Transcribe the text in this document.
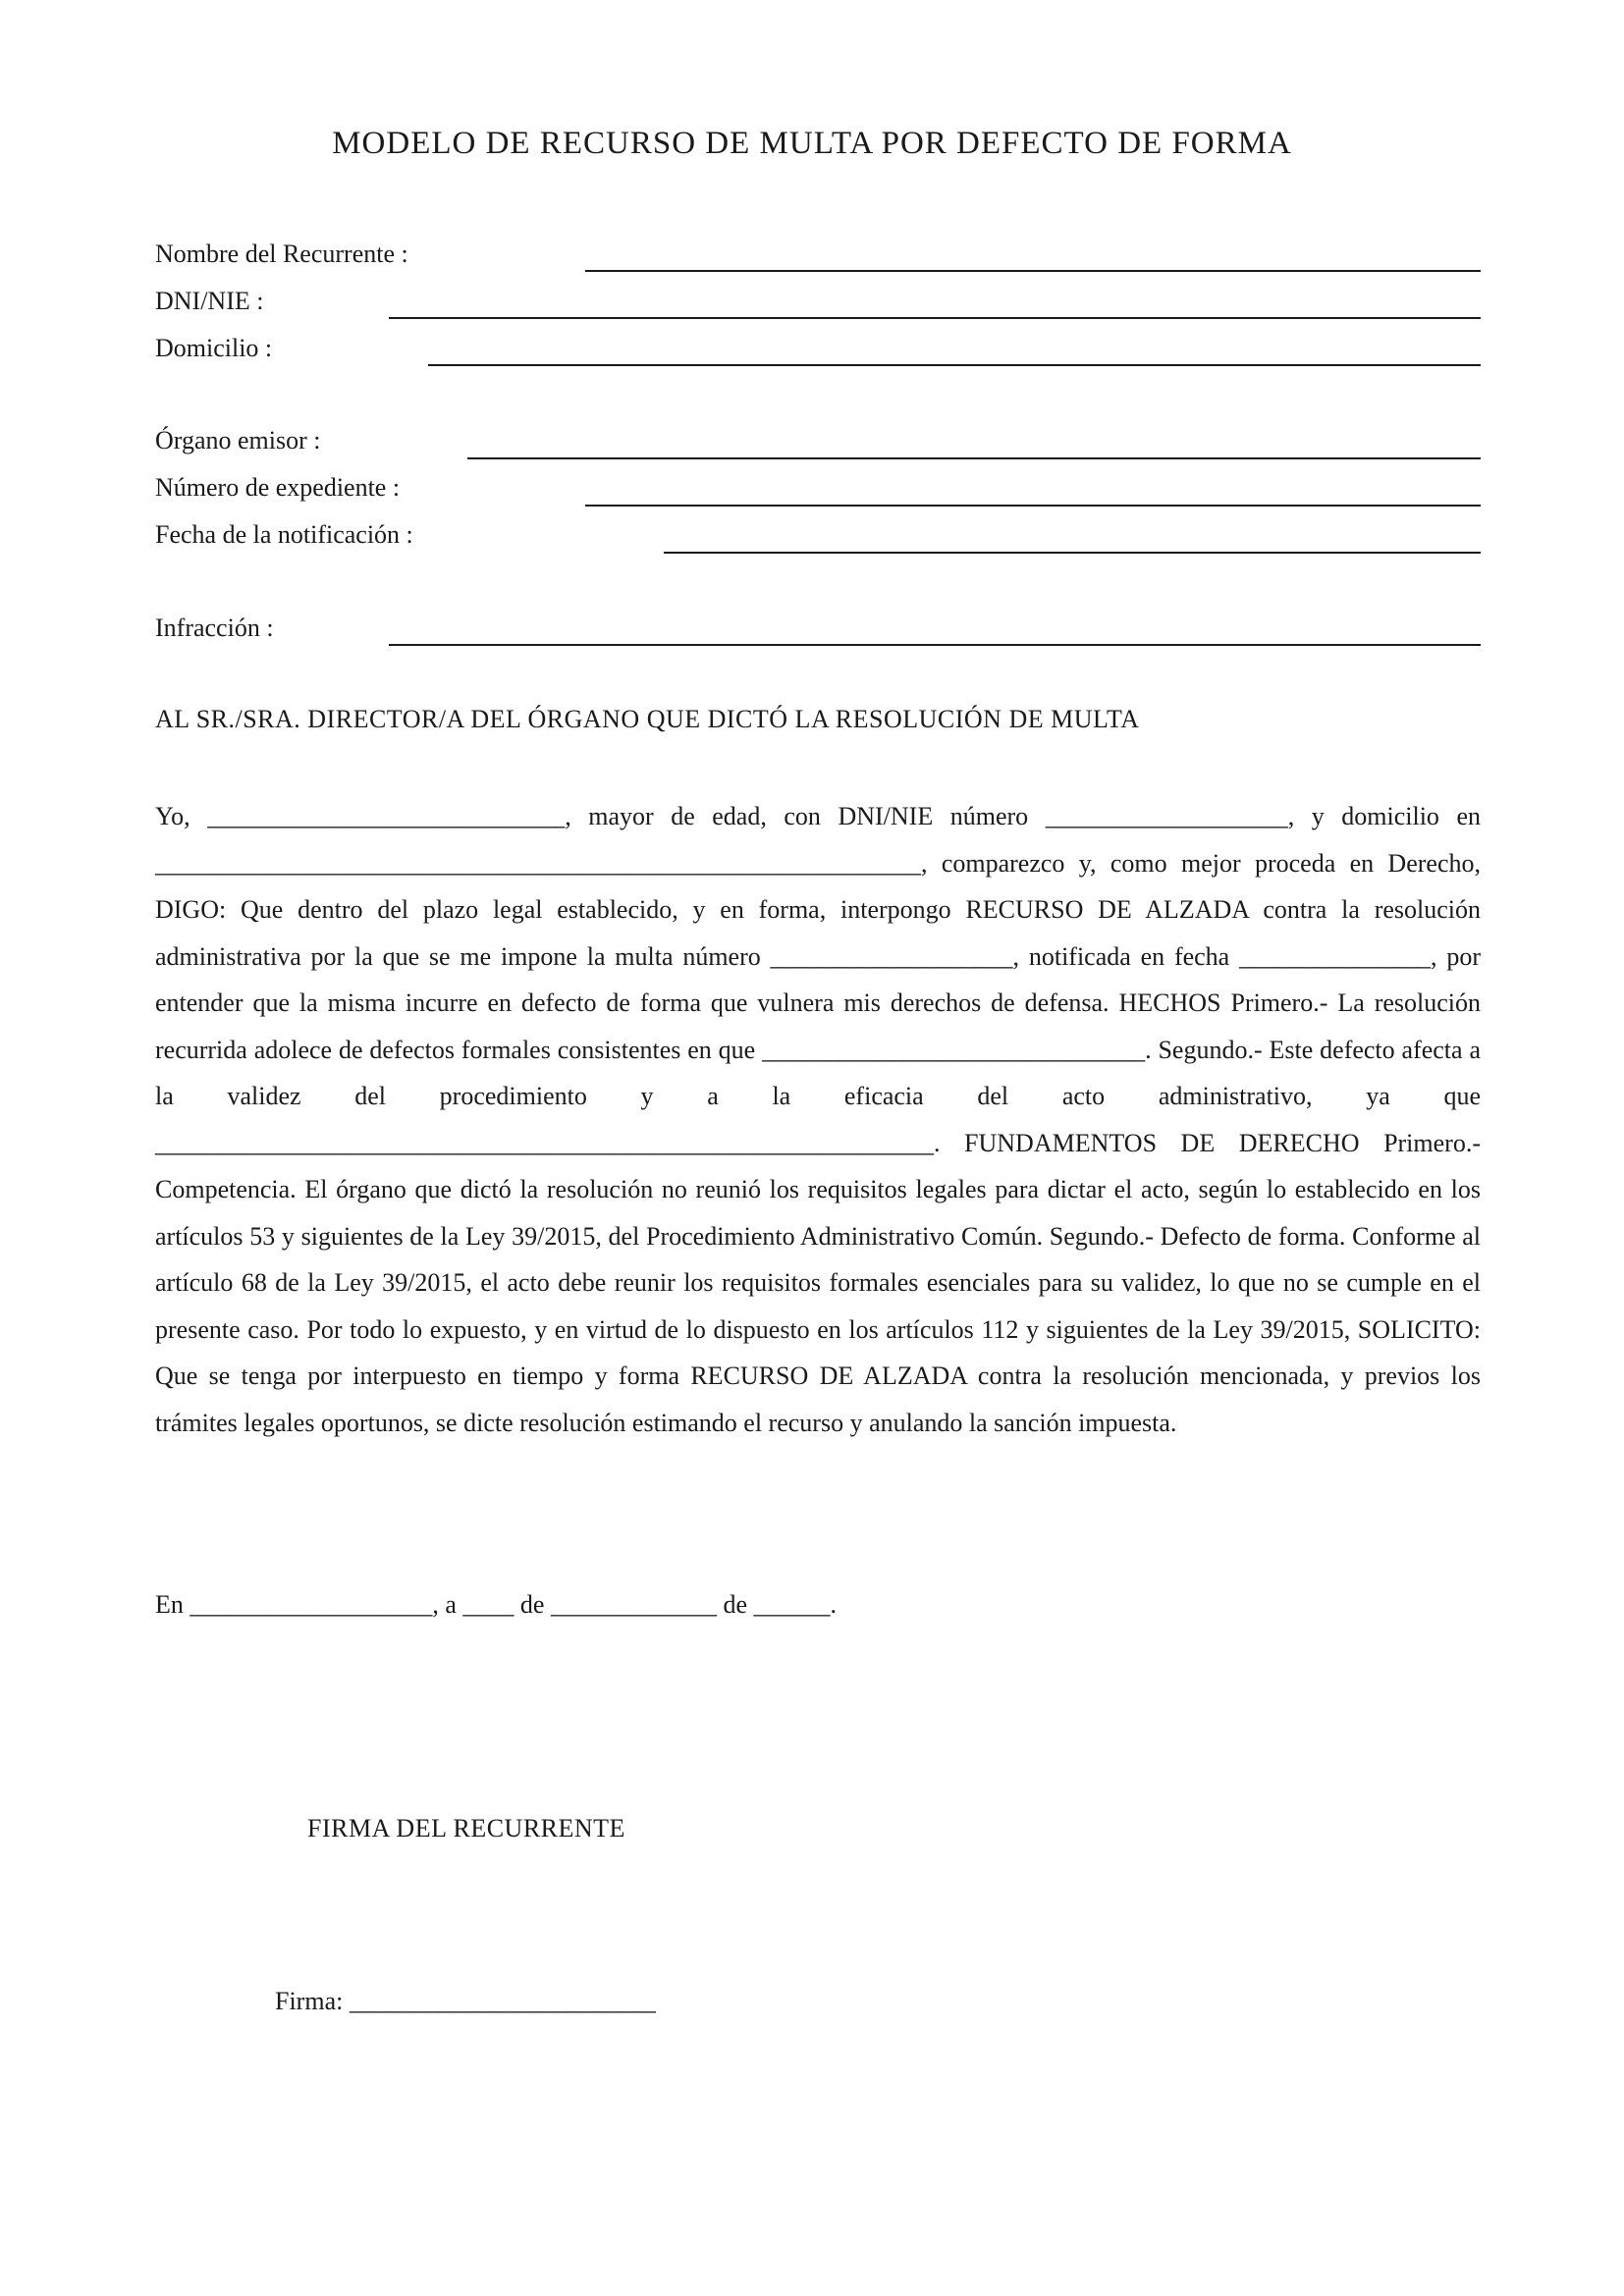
MODELO DE RECURSO DE MULTA POR DEFECTO DE FORMA
Nombre del Recurrente :
DNI/NIE :
Domicilio :
Órgano emisor :
Número de expediente :
Fecha de la notificación :
Infracción :
AL SR./SRA. DIRECTOR/A DEL ÓRGANO QUE DICTÓ LA RESOLUCIÓN DE MULTA
Yo, ____________________________, mayor de edad, con DNI/NIE número ___________________, y domicilio en ____________________________________________________________, comparezco y, como mejor proceda en Derecho, DIGO: Que dentro del plazo legal establecido, y en forma, interpongo RECURSO DE ALZADA contra la resolución administrativa por la que se me impone la multa número ___________________, notificada en fecha _______________, por entender que la misma incurre en defecto de forma que vulnera mis derechos de defensa. HECHOS Primero.- La resolución recurrida adolece de defectos formales consistentes en que ______________________________. Segundo.- Este defecto afecta a la validez del procedimiento y a la eficacia del acto administrativo, ya que _____________________________________________________________. FUNDAMENTOS DE DERECHO Primero.- Competencia. El órgano que dictó la resolución no reunió los requisitos legales para dictar el acto, según lo establecido en los artículos 53 y siguientes de la Ley 39/2015, del Procedimiento Administrativo Común. Segundo.- Defecto de forma. Conforme al artículo 68 de la Ley 39/2015, el acto debe reunir los requisitos formales esenciales para su validez, lo que no se cumple en el presente caso. Por todo lo expuesto, y en virtud de lo dispuesto en los artículos 112 y siguientes de la Ley 39/2015, SOLICITO: Que se tenga por interpuesto en tiempo y forma RECURSO DE ALZADA contra la resolución mencionada, y previos los trámites legales oportunos, se dicte resolución estimando el recurso y anulando la sanción impuesta.
En ___________________, a ____ de _____________ de ______.
FIRMA DEL RECURRENTE
Firma: ________________________
